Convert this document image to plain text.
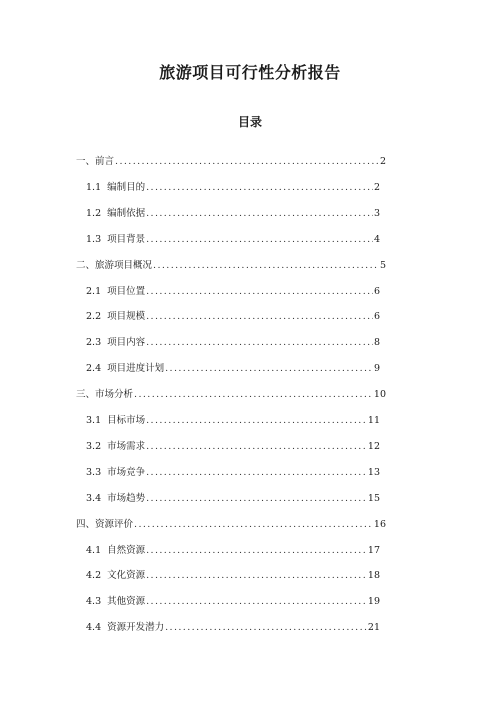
旅游项目可行性分析报告
目录
一、 前言 .....	2
1.1 编制目的 .....	2
1.2 编制依据 .....	3
1.3 项目背景 .....	4
二、 旅游项目概况 .....	5
2.1 项目位置 .....	6
2.2 项目规模 .....	6
2.3 项目内容 .....	8
2.4 项目进度计划 .....	9
三、 市场分析 .....	10
3.1 目标市场 .....	11
3.2 市场需求 .....	12
3.3 市场竞争 .....	13
3.4 市场趋势 .....	15
四、 资源评价 .....	16
4.1 自然资源 .....	17
4.2 文化资源 .....	18
4.3 其他资源 .....	19
4.4 资源开发潜力 .....	21
